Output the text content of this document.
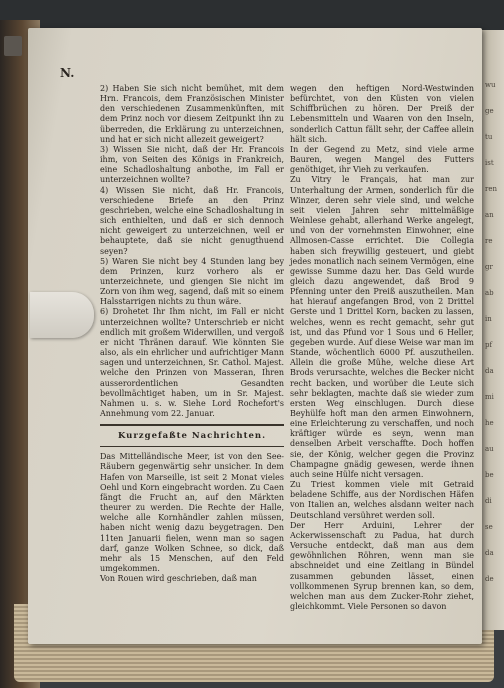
wu
ge
tu
ist
ren
an
re
gr
ab
in
pf
da
mi
he
au
be
di
se
da
de
N.

2) Haben Sie sich nicht bemühet, mit dem Hrn. Francois, dem Französischen Minister den verschiedenen Zusammenkünften, mit dem Prinz noch vor diesem Zeitpunkt ihn zu überreden, die Erklärung zu unterzeichnen, und hat er sich nicht allezeit geweigert?

3) Wissen Sie nicht, daß der Hr. Francois ihm, von Seiten des Königs in Frankreich, eine Schadloshaltung anbothe, im Fall er unterzeichnen wollte?

4) Wissen Sie nicht, daß Hr. Francois, verschiedene Briefe an den Prinz geschrieben, welche eine Schadloshaltung in sich enthielten, und daß er sich dennoch nicht geweigert zu unterzeichnen, weil er behauptete, daß sie nicht genugthuend seyen?

5) Waren Sie nicht bey 4 Stunden lang bey dem Prinzen, kurz vorhero als er unterzeichnete, und giengen Sie nicht im Zorn von ihm weg, sagend, daß mit so einem Halsstarrigen nichts zu thun wäre.

6) Drohetet Ihr Ihm nicht, im Fall er nicht unterzeichnen wollte? Unterschrieb er nicht endlich mit großem Widerwillen, und vergoß er nicht Thränen darauf. Wie könnten Sie also, als ein ehrlicher und aufrichtiger Mann sagen und unterzeichnen, Sr. Cathol. Majest. welche den Prinzen von Masseran, Ihren ausserordentlichen Gesandten bevollmächtiget haben, um in Sr. Majest. Nahmen u. s. w. Siehe Lord Rochefort's Annehmung vom 22. Januar.

Kurzgefaßte Nachrichten.

Das Mittelländische Meer, ist von den See-Räubern gegenwärtig sehr unsicher. In dem Hafen von Marseille, ist seit 2 Monat vieles Oehl und Korn eingebracht worden. Zu Caen fängt die Frucht an, auf den Märkten theurer zu werden. Die Rechte der Halle, welche alle Kornhändler zahlen müssen, haben nicht wenig dazu beygetragen. Den 11ten Januarii fielen, wenn man so sagen darf, ganze Wolken Schnee, so dick, daß mehr als 15 Menschen, auf den Feld umgekommen.

Von Rouen wird geschrieben, daß man

wegen den heftigen Nord-Westwinden befürchtet, von den Küsten von vielen Schiffbrüchen zu hören. Der Preiß der Lebensmitteln und Waaren von den Inseln, sonderlich Cattun fällt sehr, der Caffee allein hält sich.

In der Gegend zu Metz, sind viele arme Bauren, wegen Mangel des Futters genöthiget, ihr Vieh zu verkaufen.

Zu Vitry le Français, hat man zur Unterhaltung der Armen, sonderlich für die Winzer, deren sehr viele sind, und welche seit vielen Jahren sehr mittelmäßige Weinlese gehabt, allerhand Werke angelegt, und von der vornehmsten Einwohner, eine Allmosen-Casse errichtet. Die Collegia haben sich freywillig gesteuert, und giebt jedes monatlich nach seinem Vermögen, eine gewisse Summe dazu her. Das Geld wurde gleich dazu angewendet, daß Brod 9 Pfenning unter den Preiß auszutheilen. Man hat hierauf angefangen Brod, von 2 Drittel Gerste und 1 Drittel Korn, backen zu lassen, welches, wenn es recht gemacht, sehr gut ist, und das Pfund vor 1 Sous und 6 Heller, gegeben wurde. Auf diese Weise war man im Stande, wöchentlich 6000 Pf. auszutheilen. Allein die große Mühe, welche diese Art Brods verursachte, welches die Becker nicht recht backen, und worüber die Leute sich sehr beklagten, machte daß sie wieder zum ersten Weg einschlugen. Durch diese Beyhülfe hoft man den armen Einwohnern, eine Erleichterung zu verschaffen, und noch kräftiger würde es seyn, wenn man denselben Arbeit verschaffte. Doch hoffen sie, der König, welcher gegen die Provinz Champagne gnädig gewesen, werde ihnen auch seine Hülfe nicht versagen.

Zu Triest kommen viele mit Getraid beladene Schiffe, aus der Nordischen Häfen von Italien an, welches alsdann weiter nach Deutschland versühret werden soll.

Der Herr Arduini, Lehrer der Ackerwissenschaft zu Padua, hat durch Versuche entdeckt, daß man aus dem gewöhnlichen Röhren, wenn man sie abschneidet und eine Zeitlang in Bündel zusammen gebunden lässet, einen vollkommenen Syrup brennen kan, so dem, welchen man aus dem Zucker-Rohr ziehet, gleichkommt. Viele Personen so davon
